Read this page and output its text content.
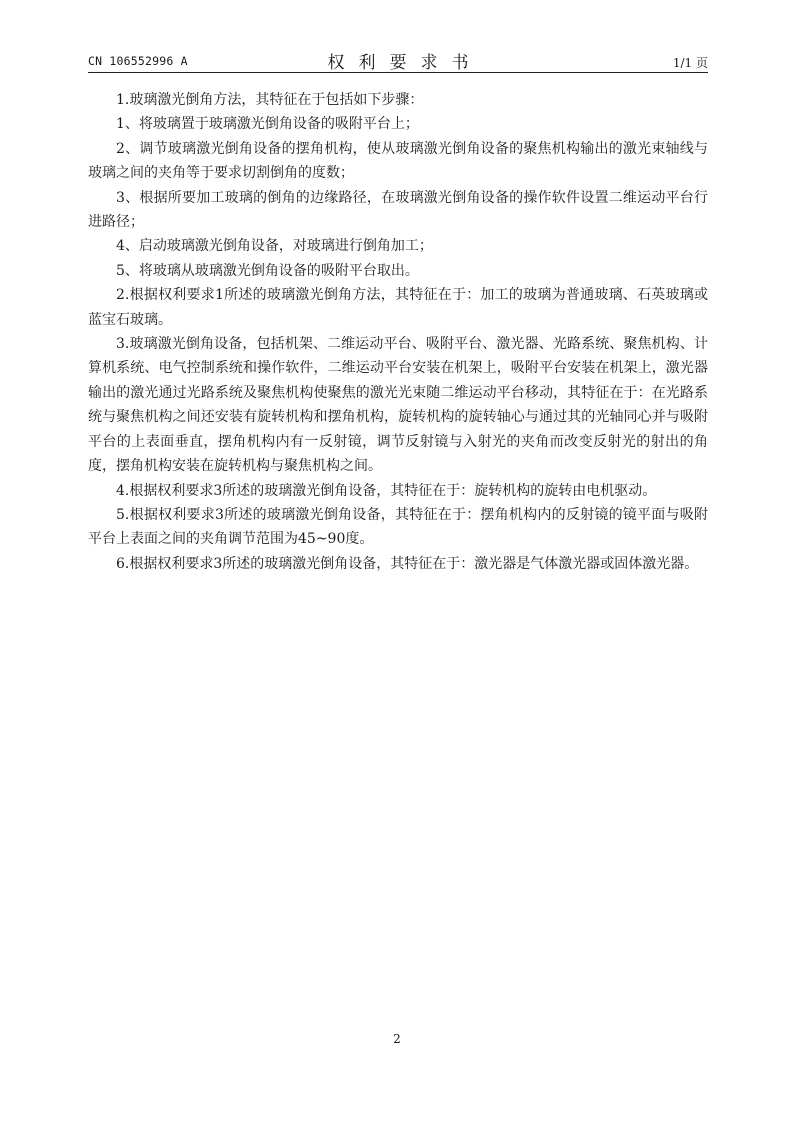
CN 106552996 A	权利要求书	1/1 页

1.玻璃激光倒角方法，其特征在于包括如下步骤：

1、将玻璃置于玻璃激光倒角设备的吸附平台上；

2、调节玻璃激光倒角设备的摆角机构，使从玻璃激光倒角设备的聚焦机构输出的激光束轴线与玻璃之间的夹角等于要求切割倒角的度数；

3、根据所要加工玻璃的倒角的边缘路径，在玻璃激光倒角设备的操作软件设置二维运动平台行进路径；

4、启动玻璃激光倒角设备，对玻璃进行倒角加工；

5、将玻璃从玻璃激光倒角设备的吸附平台取出。

2.根据权利要求1所述的玻璃激光倒角方法，其特征在于：加工的玻璃为普通玻璃、石英玻璃或蓝宝石玻璃。

3.玻璃激光倒角设备，包括机架、二维运动平台、吸附平台、激光器、光路系统、聚焦机构、计算机系统、电气控制系统和操作软件，二维运动平台安装在机架上，吸附平台安装在机架上，激光器输出的激光通过光路系统及聚焦机构使聚焦的激光光束随二维运动平台移动，其特征在于：在光路系统与聚焦机构之间还安装有旋转机构和摆角机构，旋转机构的旋转轴心与通过其的光轴同心并与吸附平台的上表面垂直，摆角机构内有一反射镜，调节反射镜与入射光的夹角而改变反射光的射出的角度，摆角机构安装在旋转机构与聚焦机构之间。

4.根据权利要求3所述的玻璃激光倒角设备，其特征在于：旋转机构的旋转由电机驱动。

5.根据权利要求3所述的玻璃激光倒角设备，其特征在于：摆角机构内的反射镜的镜平面与吸附平台上表面之间的夹角调节范围为45~90度。

6.根据权利要求3所述的玻璃激光倒角设备，其特征在于：激光器是气体激光器或固体激光器。

2
